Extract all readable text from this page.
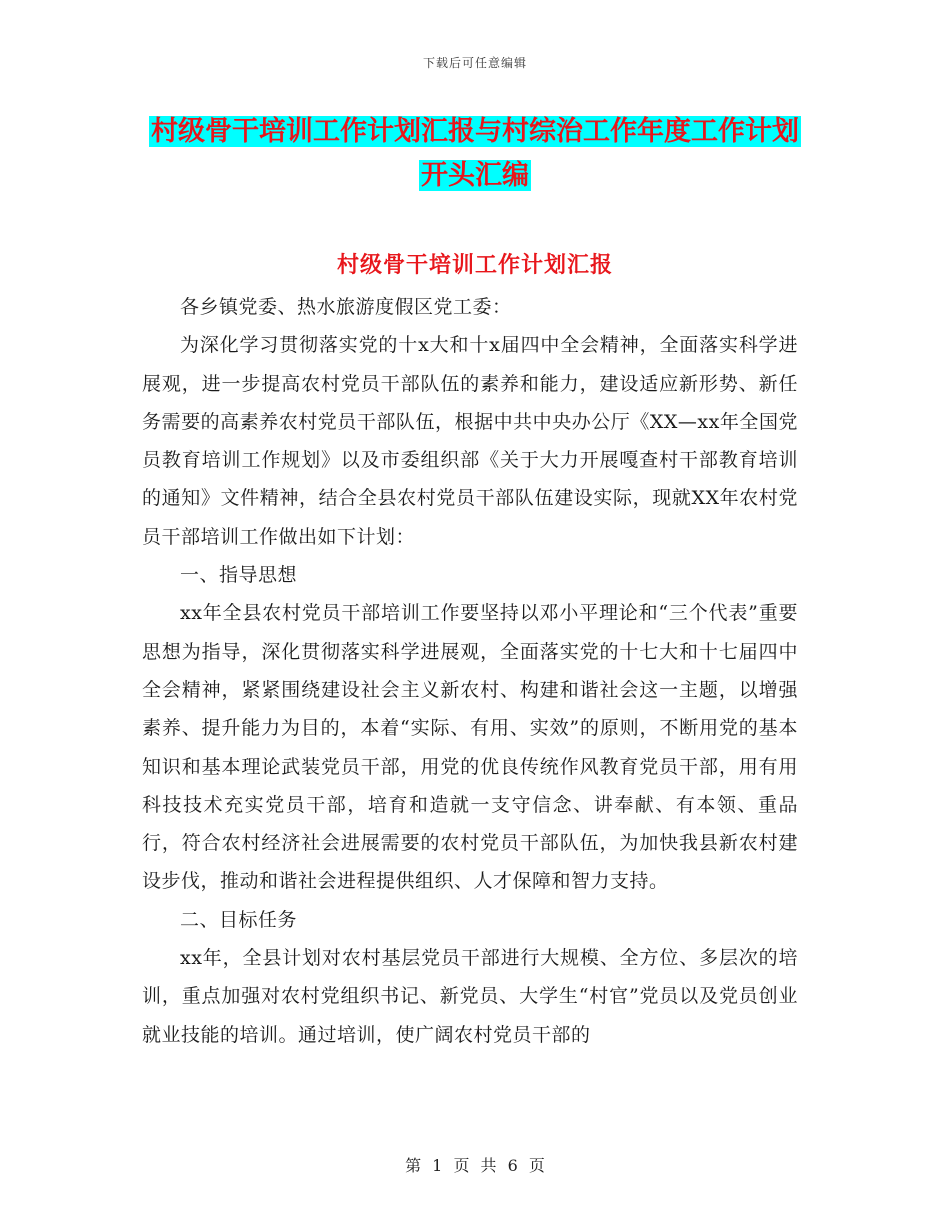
下载后可任意编辑
村级骨干培训工作计划汇报与村综治工作年度工作计划开头汇编
村级骨干培训工作计划汇报

各乡镇党委、热水旅游度假区党工委：

为深化学习贯彻落实党的十x大和十x届四中全会精神，全面落实科学进展观，进一步提高农村党员干部队伍的素养和能力，建设适应新形势、新任务需要的高素养农村党员干部队伍，根据中共中央办公厅《XX—xx年全国党员教育培训工作规划》以及市委组织部《关于大力开展嘎查村干部教育培训的通知》文件精神，结合全县农村党员干部队伍建设实际，现就XX年农村党员干部培训工作做出如下计划：

一、指导思想

xx年全县农村党员干部培训工作要坚持以邓小平理论和“三个代表”重要思想为指导，深化贯彻落实科学进展观，全面落实党的十七大和十七届四中全会精神，紧紧围绕建设社会主义新农村、构建和谐社会这一主题，以增强素养、提升能力为目的，本着“实际、有用、实效”的原则，不断用党的基本知识和基本理论武装党员干部，用党的优良传统作风教育党员干部，用有用科技技术充实党员干部，培育和造就一支守信念、讲奉献、有本领、重品行，符合农村经济社会进展需要的农村党员干部队伍，为加快我县新农村建设步伐，推动和谐社会进程提供组织、人才保障和智力支持。

二、目标任务

xx年，全县计划对农村基层党员干部进行大规模、全方位、多层次的培训，重点加强对农村党组织书记、新党员、大学生“村官”党员以及党员创业就业技能的培训。通过培训，使广阔农村党员干部的

第 1 页 共 6 页
